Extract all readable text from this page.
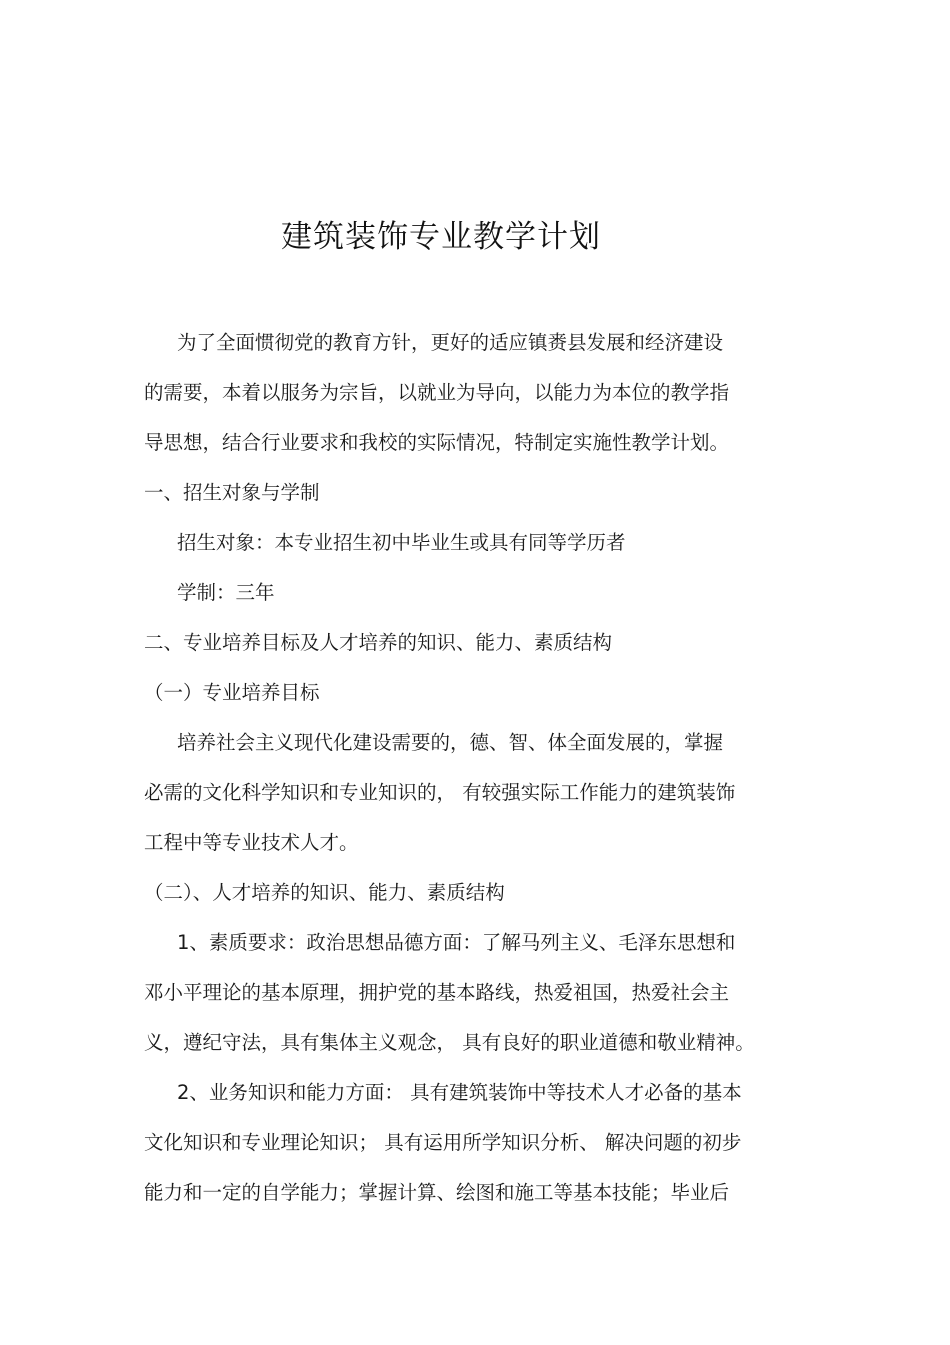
建筑装饰专业教学计划
为了全面惯彻党的教育方针，更好的适应镇赉县发展和经济建设
的需要，本着以服务为宗旨，以就业为导向，以能力为本位的教学指
导思想，结合行业要求和我校的实际情况，特制定实施性教学计划。
一、招生对象与学制
招生对象：本专业招生初中毕业生或具有同等学历者
学制：三年
二、专业培养目标及人才培养的知识、能力、素质结构
（一）专业培养目标
培养社会主义现代化建设需要的，德、智、体全面发展的，掌握
必需的文化科学知识和专业知识的， 有较强实际工作能力的建筑装饰
工程中等专业技术人才。
（二）、人才培养的知识、能力、素质结构
1、素质要求：政治思想品德方面：了解马列主义、毛泽东思想和
邓小平理论的基本原理，拥护党的基本路线，热爱祖国，热爱社会主
义，遵纪守法，具有集体主义观念， 具有良好的职业道德和敬业精神。
2、业务知识和能力方面： 具有建筑装饰中等技术人才必备的基本
文化知识和专业理论知识； 具有运用所学知识分析、 解决问题的初步
能力和一定的自学能力；掌握计算、绘图和施工等基本技能；毕业后
